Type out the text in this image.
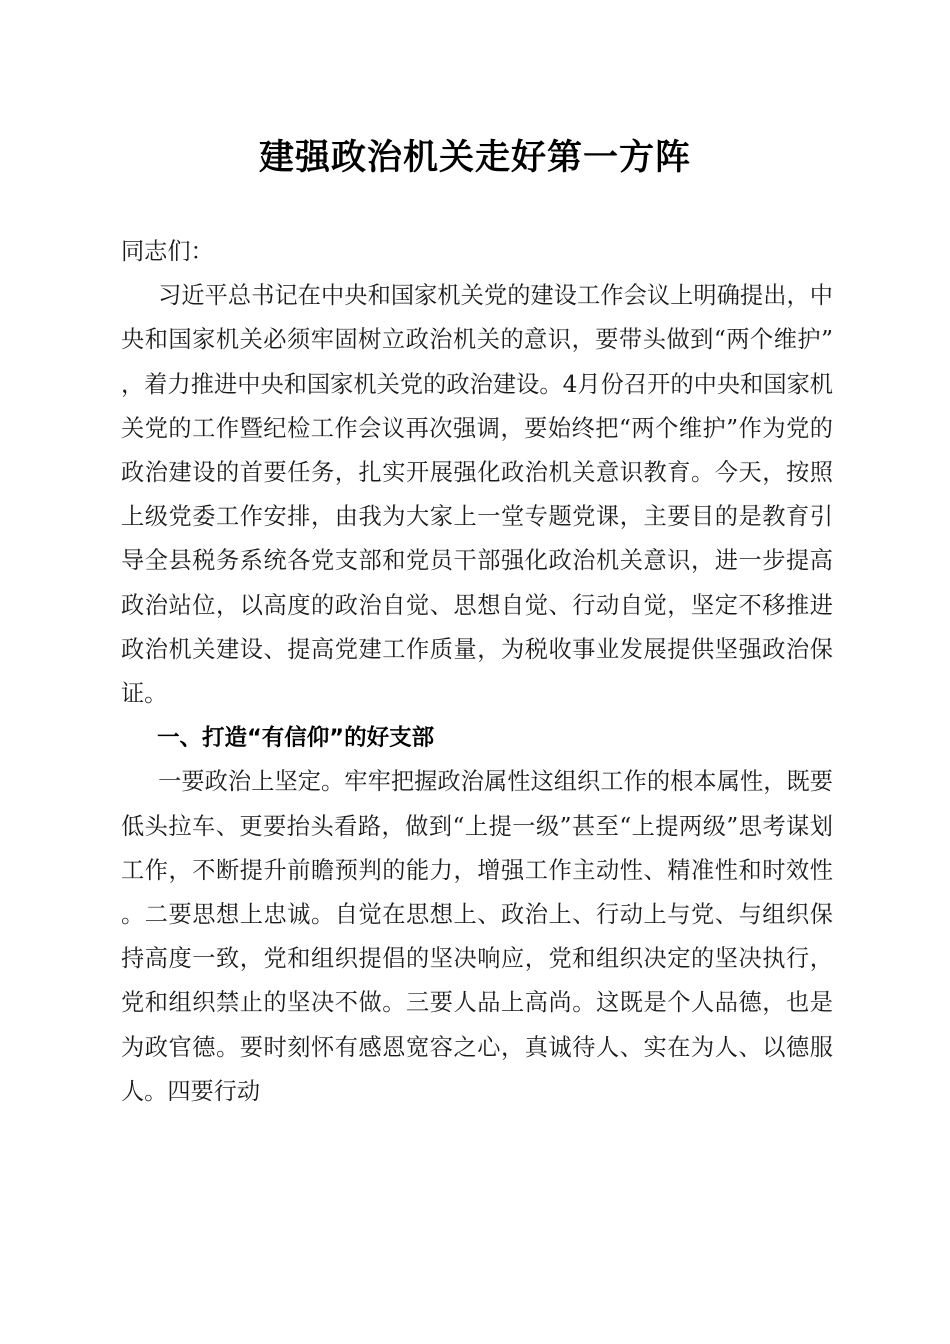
建强政治机关走好第一方阵

同志们：

习近平总书记在中央和国家机关党的建设工作会议上明确提出，中央和国家机关必须牢固树立政治机关的意识，要带头做到“两个维护”，着力推进中央和国家机关党的政治建设。4月份召开的中央和国家机关党的工作暨纪检工作会议再次强调，要始终把“两个维护”作为党的政治建设的首要任务，扎实开展强化政治机关意识教育。今天，按照上级党委工作安排，由我为大家上一堂专题党课，主要目的是教育引导全县税务系统各党支部和党员干部强化政治机关意识，进一步提高政治站位，以高度的政治自觉、思想自觉、行动自觉，坚定不移推进政治机关建设、提高党建工作质量，为税收事业发展提供坚强政治保证。

一、打造“有信仰”的好支部

一要政治上坚定。牢牢把握政治属性这组织工作的根本属性，既要低头拉车、更要抬头看路，做到“上提一级”甚至“上提两级”思考谋划工作，不断提升前瞻预判的能力，增强工作主动性、精准性和时效性。二要思想上忠诚。自觉在思想上、政治上、行动上与党、与组织保持高度一致，党和组织提倡的坚决响应，党和组织决定的坚决执行，党和组织禁止的坚决不做。三要人品上高尚。这既是个人品德，也是为政官德。要时刻怀有感恩宽容之心，真诚待人、实在为人、以德服人。四要行动
